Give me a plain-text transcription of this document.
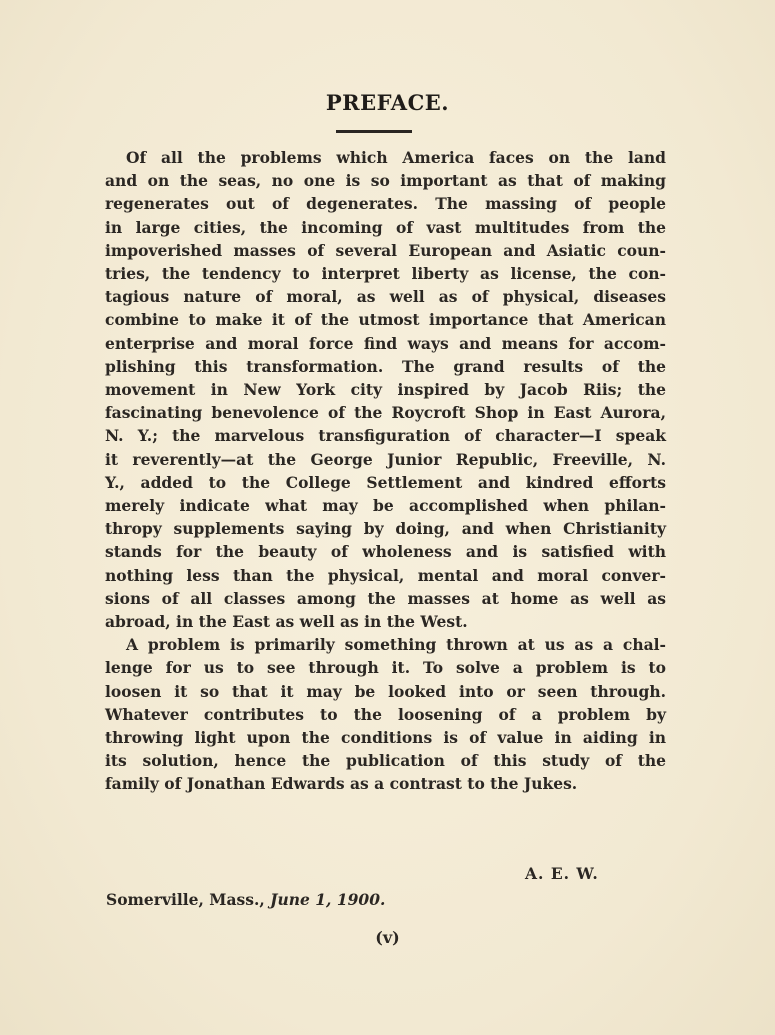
PREFACE.

Of all the problems which America faces on the land
and on the seas, no one is so important as that of making
regenerates out of degenerates. The massing of people
in large cities, the incoming of vast multitudes from the
impoverished masses of several European and Asiatic coun-
tries, the tendency to interpret liberty as license, the con-
tagious nature of moral, as well as of physical, diseases
combine to make it of the utmost importance that American
enterprise and moral force find ways and means for accom-
plishing this transformation. The grand results of the
movement in New York city inspired by Jacob Riis; the
fascinating benevolence of the Roycroft Shop in East Aurora,
N. Y.; the marvelous transfiguration of character—I speak
it reverently—at the George Junior Republic, Freeville, N.
Y., added to the College Settlement and kindred efforts
merely indicate what may be accomplished when philan-
thropy supplements saying by doing, and when Christianity
stands for the beauty of wholeness and is satisfied with
nothing less than the physical, mental and moral conver-
sions of all classes among the masses at home as well as
abroad, in the East as well as in the West.

A problem is primarily something thrown at us as a chal-
lenge for us to see through it. To solve a problem is to
loosen it so that it may be looked into or seen through.
Whatever contributes to the loosening of a problem by
throwing light upon the conditions is of value in aiding in
its solution, hence the publication of this study of the
family of Jonathan Edwards as a contrast to the Jukes.

A. E. W.
Somerville, Mass., June 1, 1900.
(v)
